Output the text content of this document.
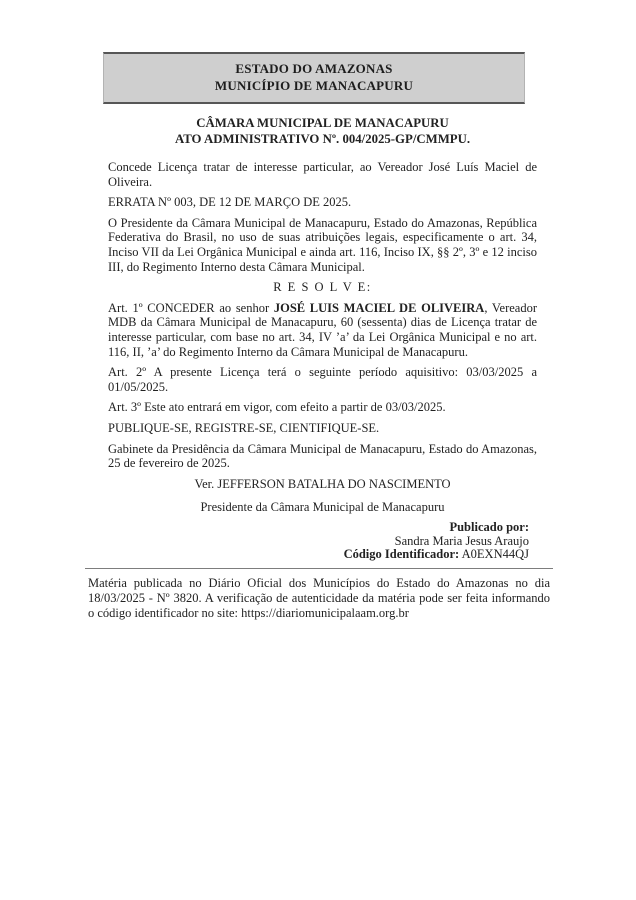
ESTADO DO AMAZONAS
MUNICÍPIO DE MANACAPURU
CÂMARA MUNICIPAL DE MANACAPURU
ATO ADMINISTRATIVO Nº. 004/2025-GP/CMMPU.

Concede Licença tratar de interesse particular, ao Vereador José Luís Maciel de Oliveira.

ERRATA Nº 003, DE 12 DE MARÇO DE 2025.

O Presidente da Câmara Municipal de Manacapuru, Estado do Amazonas, República Federativa do Brasil, no uso de suas atribuições legais, especificamente o art. 34, Inciso VII da Lei Orgânica Municipal e ainda art. 116, Inciso IX, §§ 2º, 3º e 12 inciso III, do Regimento Interno desta Câmara Municipal.

R E S O L V E:

Art. 1º CONCEDER ao senhor JOSÉ LUIS MACIEL DE OLIVEIRA, Vereador MDB da Câmara Municipal de Manacapuru, 60 (sessenta) dias de Licença tratar de interesse particular, com base no art. 34, IV ’a’ da Lei Orgânica Municipal e no art. 116, II, ’a’ do Regimento Interno da Câmara Municipal de Manacapuru.

Art. 2º A presente Licença terá o seguinte período aquisitivo: 03/03/2025 a 01/05/2025.

Art. 3º Este ato entrará em vigor, com efeito a partir de 03/03/2025.

PUBLIQUE-SE, REGISTRE-SE, CIENTIFIQUE-SE.

Gabinete da Presidência da Câmara Municipal de Manacapuru, Estado do Amazonas, 25 de fevereiro de 2025.

Ver. JEFFERSON BATALHA DO NASCIMENTO

Presidente da Câmara Municipal de Manacapuru

Publicado por:
Sandra Maria Jesus Araujo
Código Identificador: A0EXN44QJ

Matéria publicada no Diário Oficial dos Municípios do Estado do Amazonas no dia 18/03/2025 - Nº 3820. A verificação de autenticidade da matéria pode ser feita informando o código identificador no site: https://diariomunicipalaam.org.br
